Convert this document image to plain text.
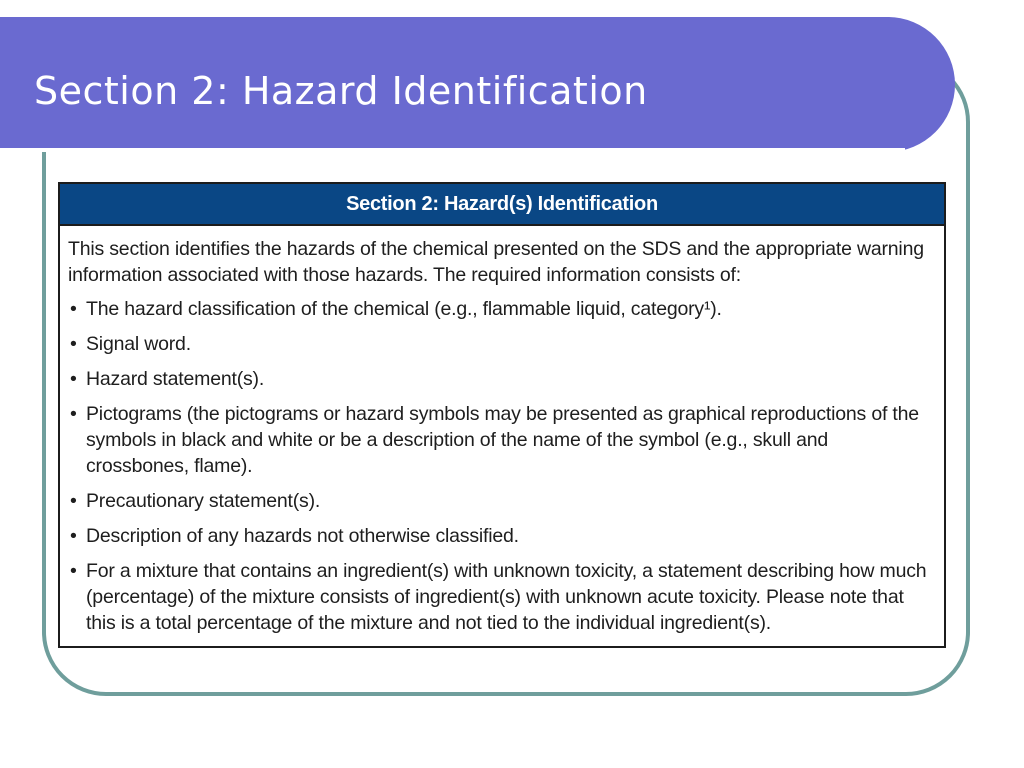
Section 2: Hazard Identification
Section 2: Hazard(s) Identification

This section identifies the hazards of the chemical presented on the SDS and the appropriate warning information associated with those hazards. The required information consists of:

• The hazard classification of the chemical (e.g., flammable liquid, category¹).
• Signal word.
• Hazard statement(s).
• Pictograms (the pictograms or hazard symbols may be presented as graphical reproductions of the symbols in black and white or be a description of the name of the symbol (e.g., skull and crossbones, flame).
• Precautionary statement(s).
• Description of any hazards not otherwise classified.
• For a mixture that contains an ingredient(s) with unknown toxicity, a statement describing how much (percentage) of the mixture consists of ingredient(s) with unknown acute toxicity. Please note that this is a total percentage of the mixture and not tied to the individual ingredient(s).
